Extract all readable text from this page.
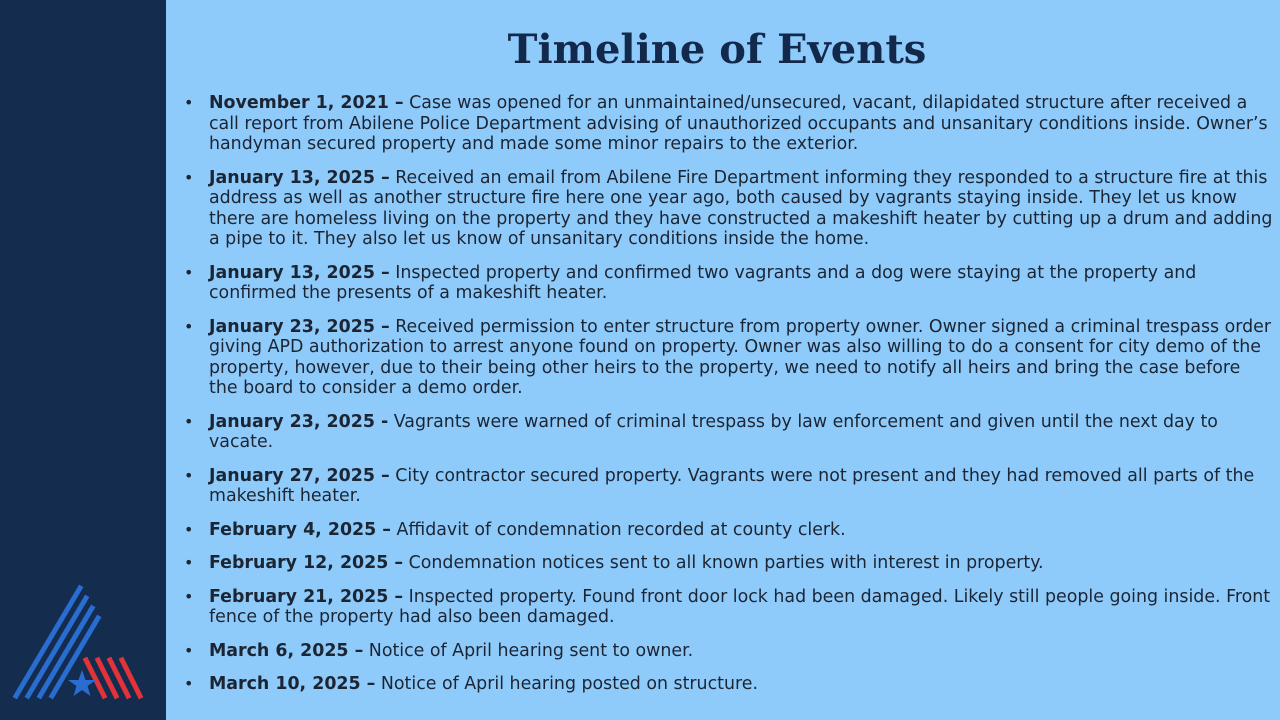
Timeline of Events
• November 1, 2021 – Case was opened for an unmaintained/unsecured, vacant, dilapidated structure after received a call report from Abilene Police Department advising of unauthorized occupants and unsanitary conditions inside. Owner’s handyman secured property and made some minor repairs to the exterior.
• January 13, 2025 – Received an email from Abilene Fire Department informing they responded to a structure fire at this address as well as another structure fire here one year ago, both caused by vagrants staying inside. They let us know there are homeless living on the property and they have constructed a makeshift heater by cutting up a drum and adding a pipe to it. They also let us know of unsanitary conditions inside the home.
• January 13, 2025 – Inspected property and confirmed two vagrants and a dog were staying at the property and confirmed the presents of a makeshift heater.
• January 23, 2025 – Received permission to enter structure from property owner. Owner signed a criminal trespass order giving APD authorization to arrest anyone found on property. Owner was also willing to do a consent for city demo of the property, however, due to their being other heirs to the property, we need to notify all heirs and bring the case before the board to consider a demo order.
• January 23, 2025 - Vagrants were warned of criminal trespass by law enforcement and given until the next day to vacate.
• January 27, 2025 – City contractor secured property. Vagrants were not present and they had removed all parts of the makeshift heater.
• February 4, 2025 – Affidavit of condemnation recorded at county clerk.
• February 12, 2025 – Condemnation notices sent to all known parties with interest in property.
• February 21, 2025 – Inspected property. Found front door lock had been damaged. Likely still people going inside. Front fence of the property had also been damaged.
• March 6, 2025 – Notice of April hearing sent to owner.
• March 10, 2025 – Notice of April hearing posted on structure.
